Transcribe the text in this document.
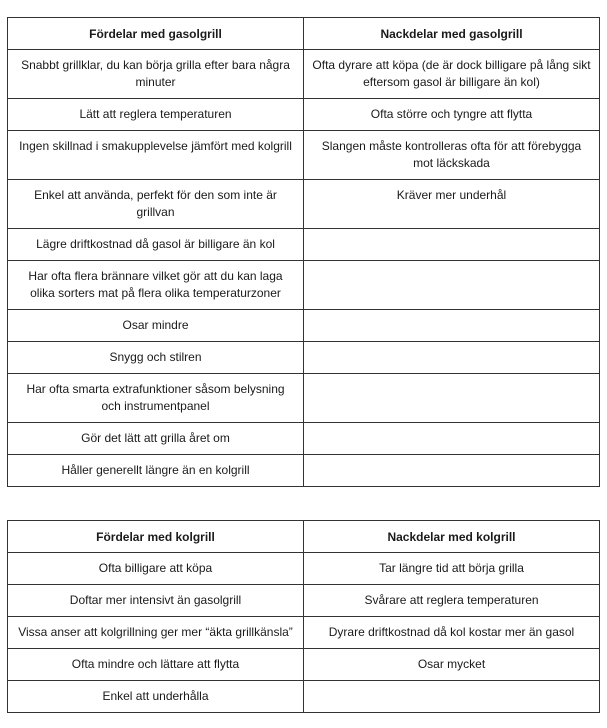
Fördelar med gasolgrill	Nackdelar med gasolgrill
Snabbt grillklar, du kan börja grilla efter bara några minuter	Ofta dyrare att köpa (de är dock billigare på lång sikt eftersom gasol är billigare än kol)
Lätt att reglera temperaturen	Ofta större och tyngre att flytta
Ingen skillnad i smakupplevelse jämfört med kolgrill	Slangen måste kontrolleras ofta för att förebygga mot läckskada
Enkel att använda, perfekt för den som inte är grillvan	Kräver mer underhål
Lägre driftkostnad då gasol är billigare än kol	
Har ofta flera brännare vilket gör att du kan laga olika sorters mat på flera olika temperaturzoner	
Osar mindre	
Snygg och stilren	
Har ofta smarta extrafunktioner såsom belysning och instrumentpanel	
Gör det lätt att grilla året om	
Håller generellt längre än en kolgrill	
Fördelar med kolgrill	Nackdelar med kolgrill
Ofta billigare att köpa	Tar längre tid att börja grilla
Doftar mer intensivt än gasolgrill	Svårare att reglera temperaturen
Vissa anser att kolgrillning ger mer “äkta grillkänsla”	Dyrare driftkostnad då kol kostar mer än gasol
Ofta mindre och lättare att flytta	Osar mycket
Enkel att underhålla	
